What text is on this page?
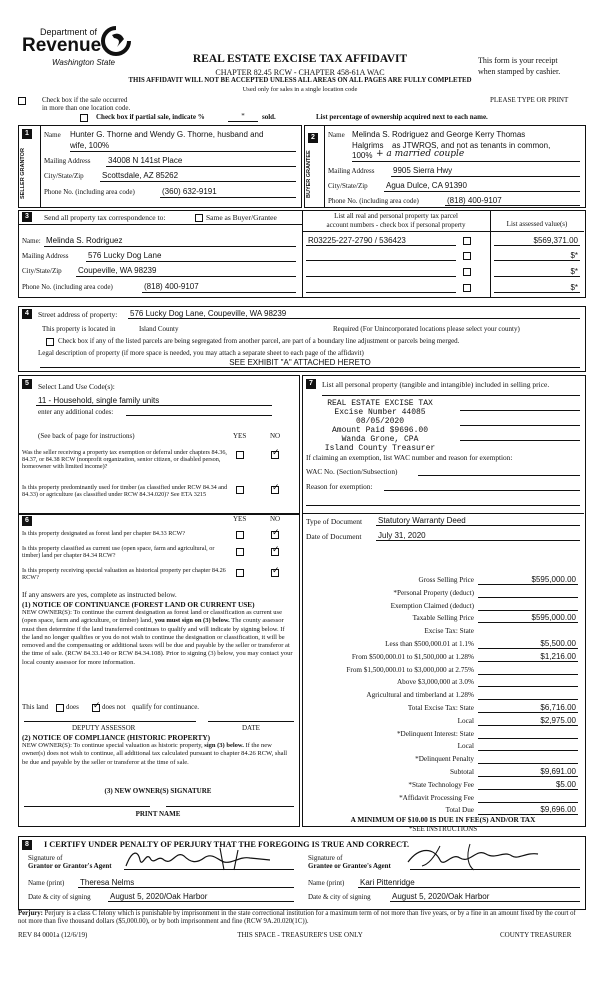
Department of
Revenue
Washington State	REAL ESTATE EXCISE TAX AFFIDAVIT
CHAPTER 82.45 RCW - CHAPTER 458-61A WAC
THIS AFFIDAVIT WILL NOT BE ACCEPTED UNLESS ALL AREAS ON ALL PAGES ARE FULLY COMPLETED
Used only for sales in a single location code
This form is your receipt
when stamped by cashier.
Check box if the sale occurred
in more than one location code.
PLEASE TYPE OR PRINT
Check box if partial sale, indicate %	*	sold.	List percentage of ownership acquired next to each name.
1
SELLER GRANTOR
Name Hunter G. Thorne and Wendy G. Thorne, husband and
wife, 100%
Mailing Address 34008 N 141st Place
City/State/Zip Scottsdale, AZ 85262
Phone No. (including area code)	(360) 632-9191
2
BUYER GRANTEE
Name Melinda S. Rodriguez and George Kerry Thomas
Halgrims as JTWROS, and not as tenants in common,
100% + a married couple
Mailing Address 9905 Sierra Hwy
City/State/Zip Agua Dulce, CA 91390
Phone No. (including area code)	(818) 400-9107
3	Send all property tax correspondence to:	Same as Buyer/Grantee
Name: Melinda S. Rodriguez
Mailing Address 576 Lucky Dog Lane
City/State/Zip Coupeville, WA 98239
Phone No. (including area code)	(818) 400-9107
List all real and personal property tax parcel
account numbers - check box if personal property	List assessed value(s)
R03225-227-2790 / 536423	$569,371.00
$*
$*
$*
4	Street address of property: 576 Lucky Dog Lane, Coupeville, WA 98239
This property is located in	Island County	Required (For Unincorporated locations please select your county)
Check box if any of the listed parcels are being segregated from another parcel, are part of a boundary line adjustment or parcels being merged.
Legal description of property (if more space is needed, you may attach a separate sheet to each page of the affidavit)
SEE EXHIBIT "A" ATTACHED HERETO
5	Select Land Use Code(s):
11 - Household, single family units
enter any additional codes:
(See back of page for instructions)	YES	NO
Was the seller receiving a property tax exemption or deferral under chapters 84.36, 84.37, or 84.38 RCW (nonprofit organization, senior citizen, or disabled person, homeowner with limited income)?
✓
Is this property predominantly used for timber (as classified under RCW 84.34 and 84.33) or agriculture (as classified under RCW 84.34.020)? See ETA 3215
✓
6	YES	NO
Is this property designated as forest land per chapter 84.33 RCW?
✓
Is this property classified as current use (open space, farm and agricultural, or timber) land per chapter 84.34 RCW?
✓
Is this property receiving special valuation as historical property per chapter 84.26 RCW?
✓
If any answers are yes, complete as instructed below.
(1) NOTICE OF CONTINUANCE (FOREST LAND OR CURRENT USE)
NEW OWNER(S): To continue the current designation as forest land or classification as current use (open space, farm and agriculture, or timber) land, you must sign on (3) below. The county assessor must then determine if the land transferred continues to qualify and will indicate by signing below. If the land no longer qualifies or you do not wish to continue the designation or classification, it will be removed and the compensating or additional taxes will be due and payable by the seller or transferor at the time of sale. (RCW 84.33.140 or RCW 84.34.108). Prior to signing (3) below, you may contact your local county assessor for more information.
This land	does
✓	does not qualify for continuance.
DEPUTY ASSESSOR	DATE
(2) NOTICE OF COMPLIANCE (HISTORIC PROPERTY)
NEW OWNER(S): To continue special valuation as historic property, sign (3) below. If the new owner(s) does not wish to continue, all additional tax calculated pursuant to chapter 84.26 RCW, shall be due and payable by the seller or transferor at the time of sale.
(3) NEW OWNER(S) SIGNATURE
PRINT NAME
7	List all personal property (tangible and intangible) included in selling price.
REAL ESTATE EXCISE TAX
Excise Number 44085
08/05/2020
Amount Paid $9696.00
Wanda Grone, CPA
Island County Treasurer
If claiming an exemption, list WAC number and reason for exemption:
WAC No. (Section/Subsection)
Reason for exemption:
Type of Document Statutory Warranty Deed
Date of Document July 31, 2020
Gross Selling Price	$595,000.00
*Personal Property (deduct)
Exemption Claimed (deduct)
Taxable Selling Price	$595,000.00
Excise Tax: State
Less than $500,000.01 at 1.1%	$5,500.00
From $500,000.01 to $1,500,000 at 1.28%	$1,216.00
From $1,500,000.01 to $3,000,000 at 2.75%
Above $3,000,000 at 3.0%
Agricultural and timberland at 1.28%
Total Excise Tax: State	$6,716.00
Local	$2,975.00
*Delinquent Interest: State
Local
*Delinquent Penalty
Subtotal	$9,691.00
*State Technology Fee	$5.00
*Affidavit Processing Fee
Total Due	$9,696.00
A MINIMUM OF $10.00 IS DUE IN FEE(S) AND/OR TAX
*SEE INSTRUCTIONS
8	I CERTIFY UNDER PENALTY OF PERJURY THAT THE FOREGOING IS TRUE AND CORRECT.
Signature of
Grantor or Grantor's Agent
Name (print) Theresa Nelms
Date & city of signing August 5, 2020/Oak Harbor
Signature of
Grantee or Grantee's Agent
Name (print) Kari Pittenridge
Date & city of signing	August 5, 2020/Oak Harbor
Perjury: Perjury is a class C felony which is punishable by imprisonment in the state correctional institution for a maximum term of not more than five years, or by a fine in an amount fixed by the court of not more than five thousand dollars ($5,000.00), or by both imprisonment and fine (RCW 9A.20.020(1C)).
REV 84 0001a (12/6/19)	THIS SPACE - TREASURER'S USE ONLY	COUNTY TREASURER
